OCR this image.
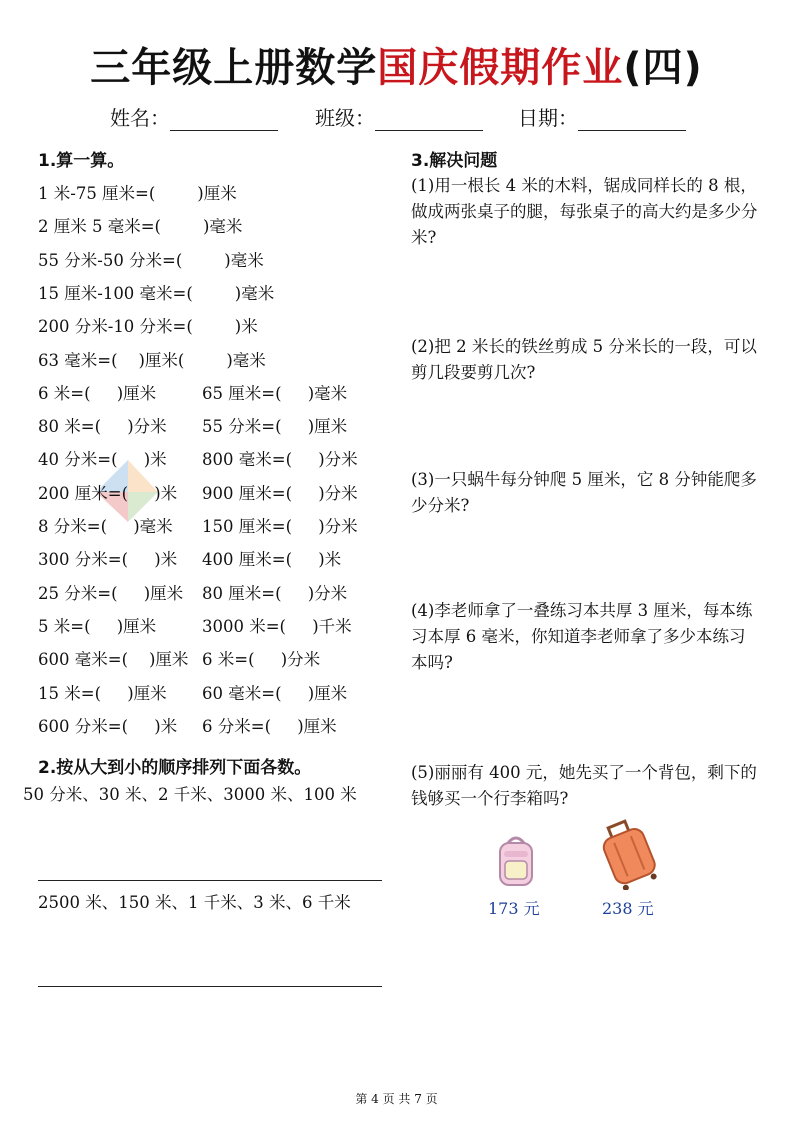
三年级上册数学国庆假期作业(四)
姓名：	班级：	日期：
1.算一算。
1 米-75 厘米=(        )厘米
2 厘米 5 毫米=(        )毫米
55 分米-50 分米=(        )毫米
15 厘米-100 毫米=(        )毫米
200 分米-10 分米=(        )米
63 毫米=(    )厘米(        )毫米
6 米=(     )厘米	65 厘米=(     )毫米
80 米=(     )分米 55 分米=(     )厘米
40 分米=(     )米 800 毫米=(     )分米
200 厘米=(     )米 900 厘米=(     )分米
8 分米=(     )毫米 150 厘米=(     )分米
300 分米=(     )米 400 厘米=(     )米
25 分米=(     )厘米 80 厘米=(     )分米
5 米=(     )厘米	3000 米=(     )千米
600 毫米=(    )厘米 6 米=(     )分米
15 米=(     )厘米 60 毫米=(     )厘米
600 分米=(     )米 6 分米=(     )厘米
2.按从大到小的顺序排列下面各数。
50 分米、30 米、2 千米、3000 米、100 米
2500 米、150 米、1 千米、3 米、6 千米
3.解决问题
(1)用一根长 4 米的木料，锯成同样长的 8 根，做成两张桌子的腿，每张桌子的高大约是多少分米?
(2)把 2 米长的铁丝剪成 5 分米长的一段，可以剪几段要剪几次?
(3)一只蜗牛每分钟爬 5 厘米，它 8 分钟能爬多少分米?
(4)李老师拿了一叠练习本共厚 3 厘米，每本练习本厚 6 毫米，你知道李老师拿了多少本练习本吗?
(5)丽丽有 400 元，她先买了一个背包，剩下的钱够买一个行李箱吗?
173 元	238 元
第 4 页 共 7 页
